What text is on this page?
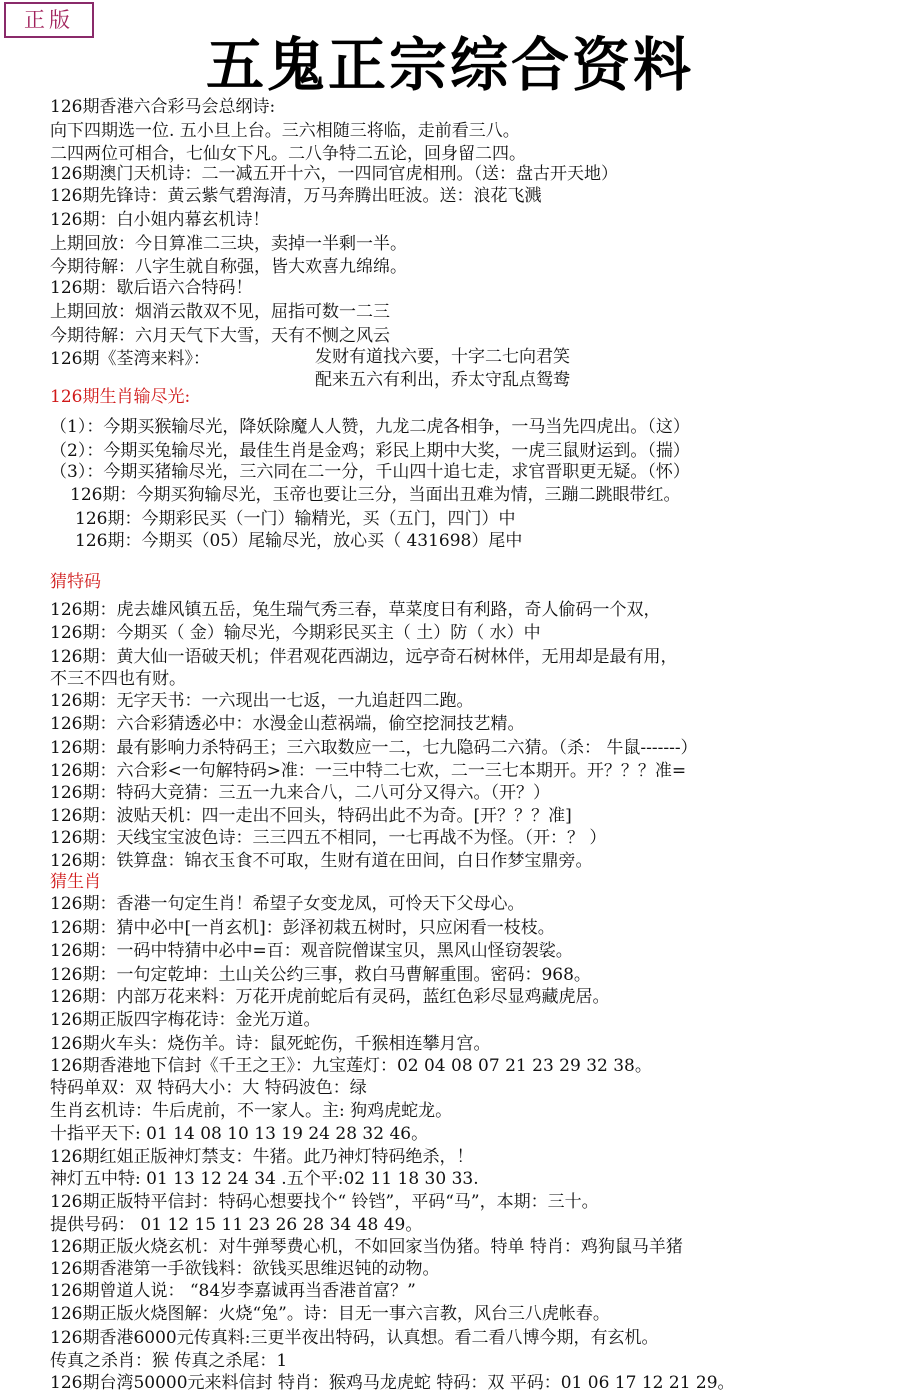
正版
五鬼正宗综合资料
126期香港六合彩马会总纲诗:
向下四期选一位. 五小旦上台。三六相随三将临，走前看三八。
二四两位可相合，七仙女下凡。二八争特二五论，回身留二四。
126期澳门天机诗：二一减五开十六，一四同官虎相刑。（送：盘古开天地）
126期先锋诗：黄云紫气碧海清，万马奔腾出旺波。送：浪花飞溅
126期：白小姐内幕玄机诗！
上期回放：今日算准二三块，卖掉一半剩一半。
今期待解：八字生就自称强，皆大欢喜九绵绵。
126期：歇后语六合特码！
上期回放：烟消云散双不见，屈指可数一二三
今期待解：六月天气下大雪，天有不恻之风云
126期《荃湾来料》：	发财有道找六要，十字二七向君笑
配来五六有利出，乔太守乱点鸳鸯
126期生肖输尽光:
（1）：今期买猴输尽光，降妖除魔人人赞，九龙二虎各相争，一马当先四虎出。（这）
（2）：今期买兔输尽光，最佳生肖是金鸡；彩民上期中大奖，一虎三鼠财运到。（揣）
（3）：今期买猪输尽光，三六同在二一分，千山四十追七走，求官晋职更无疑。（怀）
126期：今期买狗输尽光，玉帝也要让三分，当面出丑难为情，三蹦二跳眼带红。
126期：今期彩民买（一门）输精光，买（五门，四门）中
126期：今期买（05）尾输尽光，放心买（ 431698）尾中
猜特码
126期：虎去雄风镇五岳，兔生瑞气秀三春，草菜度日有利路，奇人偷码一个双，
126期：今期买（ 金）输尽光，今期彩民买主（ 土）防（ 水）中
126期：黄大仙一语破天机；伴君观花西湖边，远亭奇石树林伴，无用却是最有用，
不三不四也有财。
126期：无字天书：一六现出一七返，一九追赶四二跑。
126期：六合彩猜透必中：水漫金山惹祸端，偷空挖洞技艺精。
126期：最有影响力杀特码王；三六取数应一二，七九隐码二六猜。（杀： 牛鼠-------）
126期：六合彩<一句解特码>准：一三中特二七欢，二一三七本期开。开？？？准=
126期：特码大竞猜：三五一九来合八，二八可分又得六。（开？）
126期：波贴天机：四一走出不回头，特码出此不为奇。[开？？？准]
126期：天线宝宝波色诗：三三四五不相同，一七再战不为怪。（开：？ ）
126期：铁算盘：锦衣玉食不可取，生财有道在田间，白日作梦宝鼎旁。
猜生肖
126期：香港一句定生肖！希望子女变龙凤，可怜天下父母心。
126期：猜中必中[一肖玄机]：彭泽初栽五树时，只应闲看一枝枝。
126期：一码中特猜中必中=百：观音院僧谋宝贝，黑风山怪窃袈裟。
126期：一句定乾坤：土山关公约三事，救白马曹解重围。密码：968。
126期：内部万花来料：万花开虎前蛇后有灵码，蓝红色彩尽显鸡藏虎居。
126期正版四字梅花诗：金光万道。
126期火车头：烧伤羊。诗：鼠死蛇伤，千猴相连攀月宫。
126期香港地下信封《千王之王》：九宝莲灯：02 04 08 07 21 23 29 32 38。
特码单双：双 特码大小：大 特码波色：绿
生肖玄机诗：牛后虎前，不一家人。主: 狗鸡虎蛇龙。
十指平天下: 01 14 08 10 13 19 24 28 32 46。
126期红姐正版神灯禁支：牛猪。此乃神灯特码绝杀，！
神灯五中特: 01 13 12 24 34 .五个平:02 11 18 30 33.
126期正版特平信封：特码心想要找个“ 铃铛”，平码“马”，本期：三十。
提供号码： 01 12 15 11 23 26 28 34 48 49。
126期正版火烧玄机：对牛弹琴费心机，不如回家当伪猪。特单 特肖：鸡狗鼠马羊猪
126期香港第一手欲钱料：欲钱买思维迟钝的动物。
126期曾道人说： “84岁李嘉诚再当香港首富？”
126期正版火烧图解：火烧“兔”。诗：目无一事六言教，风台三八虎帐春。
126期香港6000元传真料:三更半夜出特码，认真想。看二看八博今期，有玄机。
传真之杀肖：猴 传真之杀尾：1
126期台湾50000元来料信封 特肖：猴鸡马龙虎蛇 特码：双 平码：01 06 17 12 21 29。
